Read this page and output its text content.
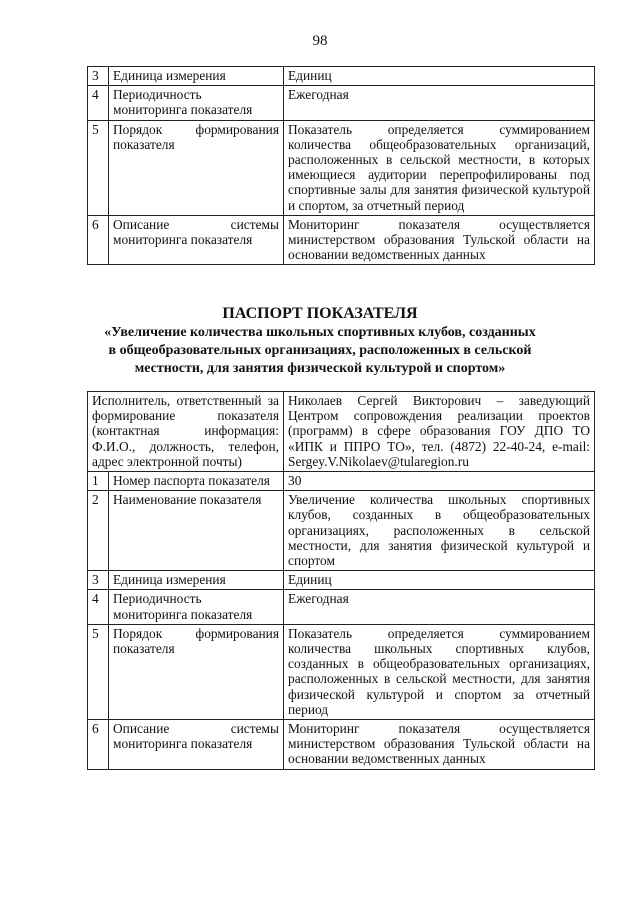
98
3	Единица измерения	Единиц
4	Периодичность мониторинга показателя	Ежегодная
5	Порядок формирования показателя	Показатель определяется суммированием количества общеобразовательных организаций, расположенных в сельской местности, в которых имеющиеся аудитории перепрофилированы под спортивные залы для занятия физической культурой и спортом, за отчетный период
6	Описание системы мониторинга показателя	Мониторинг показателя осуществляется министерством образования Тульской области на основании ведомственных данных
ПАСПОРТ ПОКАЗАТЕЛЯ
«Увеличение количества школьных спортивных клубов, созданных
в общеобразовательных организациях, расположенных в сельской
местности, для занятия физической культурой и спортом»
Исполнитель, ответственный за формирование показателя (контактная информация: Ф.И.О., должность, телефон, адрес электронной почты)		Николаев Сергей Викторович – заведующий Центром сопровождения реализации проектов (программ) в сфере образования ГОУ ДПО ТО «ИПК и ППРО ТО», тел. (4872) 22-40-24, e-mail: Sergey.V.Nikolaev@tularegion.ru
1	Номер паспорта показателя	30
2	Наименование показателя	Увеличение количества школьных спортивных клубов, созданных в общеобразовательных организациях, расположенных в сельской местности, для занятия физической культурой и спортом
3	Единица измерения	Единиц
4	Периодичность мониторинга показателя	Ежегодная
5	Порядок формирования показателя	Показатель определяется суммированием количества школьных спортивных клубов, созданных в общеобразовательных организациях, расположенных в сельской местности, для занятия физической культурой и спортом за отчетный период
6	Описание системы мониторинга показателя	Мониторинг показателя осуществляется министерством образования Тульской области на основании ведомственных данных
